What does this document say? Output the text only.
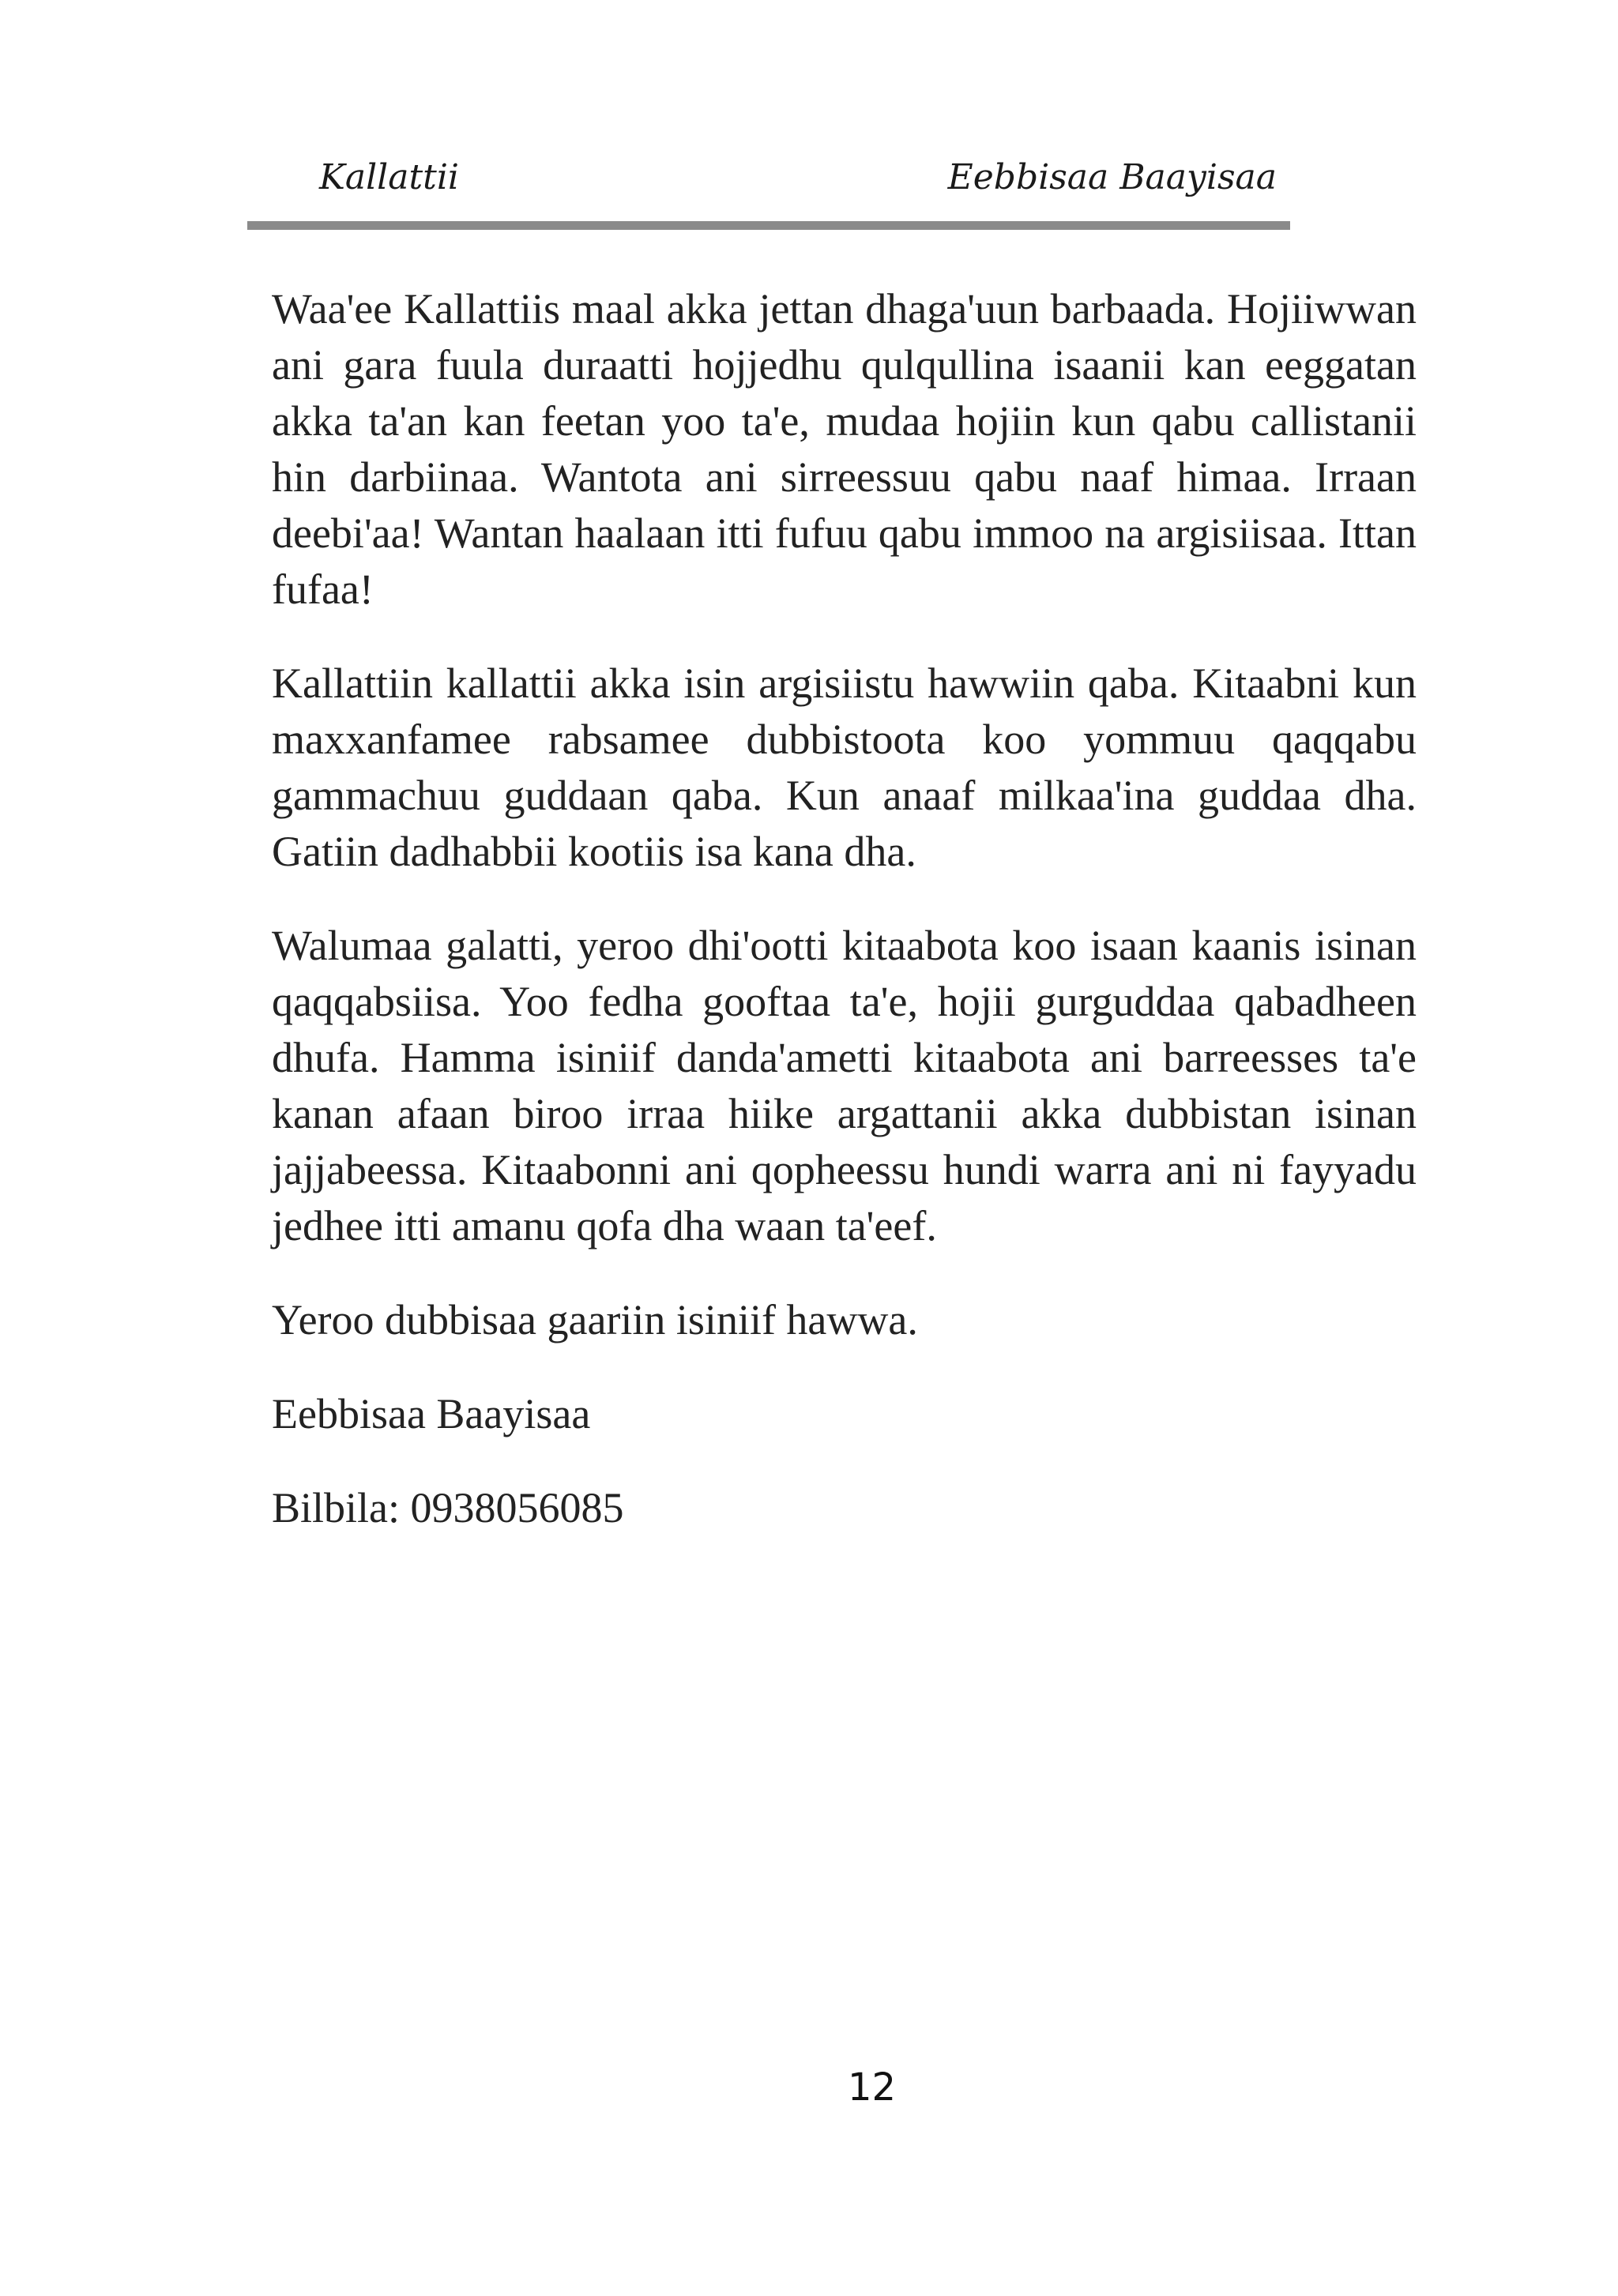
Kallattii	Eebbisaa Baayisaa

Waa'ee Kallattiis maal akka jettan dhaga'uun barbaada. Hojiiwwan ani gara fuula duraatti hojjedhu qulqullina isaanii kan eeggatan akka ta'an kan feetan yoo ta'e, mudaa hojiin kun qabu callistanii hin darbiinaa. Wantota ani sirreessuu qabu naaf himaa. Irraan deebi'aa! Wantan haalaan itti fufuu qabu immoo na argisiisaa. Ittan fufaa!

Kallattiin kallattii akka isin argisiistu hawwiin qaba. Kitaabni kun maxxanfamee rabsamee dubbistoota koo yommuu qaqqabu gammachuu guddaan qaba. Kun anaaf milkaa'ina guddaa dha. Gatiin dadhabbii kootiis isa kana dha.

Walumaa galatti, yeroo dhi'ootti kitaabota koo isaan kaanis isinan qaqqabsiisa. Yoo fedha gooftaa ta'e, hojii gurguddaa qabadheen dhufa. Hamma isiniif danda'ametti kitaabota ani barreesses ta'e kanan afaan biroo irraa hiike argattanii akka dubbistan isinan jajjabeessa. Kitaabonni ani qopheessu hundi warra ani ni fayyadu jedhee itti amanu qofa dha waan ta'eef.

Yeroo dubbisaa gaariin isiniif hawwa.

Eebbisaa Baayisaa

Bilbila: 0938056085

12
